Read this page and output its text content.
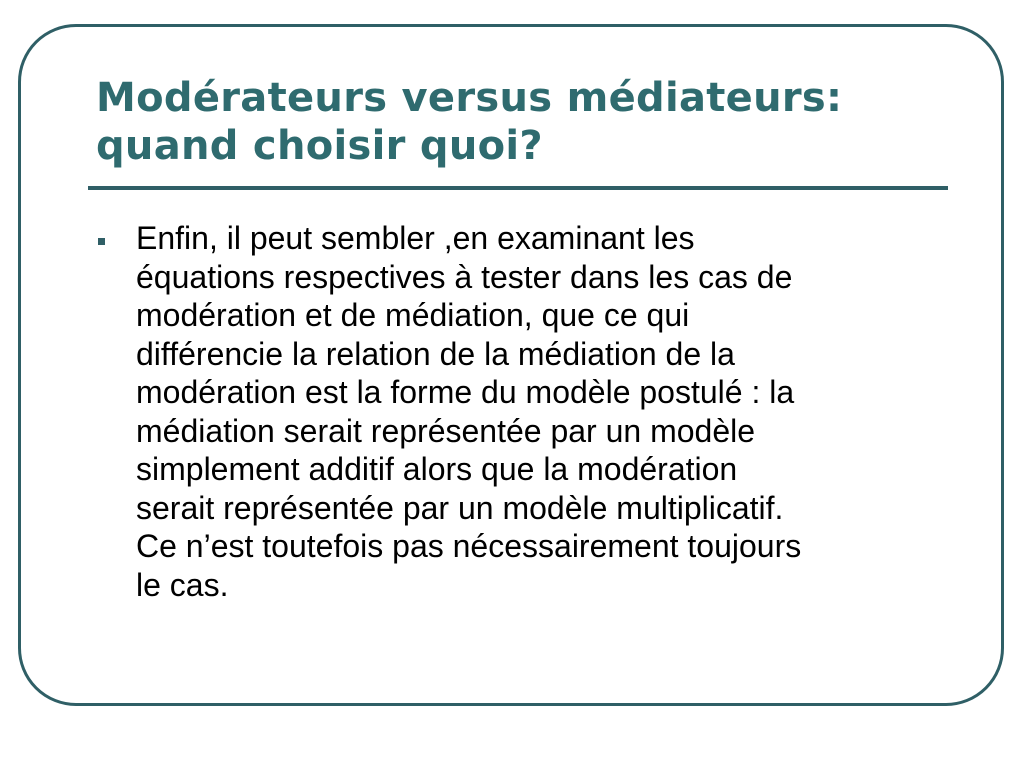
Modérateurs versus médiateurs:
quand choisir quoi?
Enfin, il peut sembler ,en examinant les
équations respectives à tester dans les cas de
modération et de médiation, que ce qui
différencie la relation de la médiation de la
modération est la forme du modèle postulé : la
médiation serait représentée par un modèle
simplement additif alors que la modération
serait représentée par un modèle multiplicatif.
Ce n’est toutefois pas nécessairement toujours
le cas.
